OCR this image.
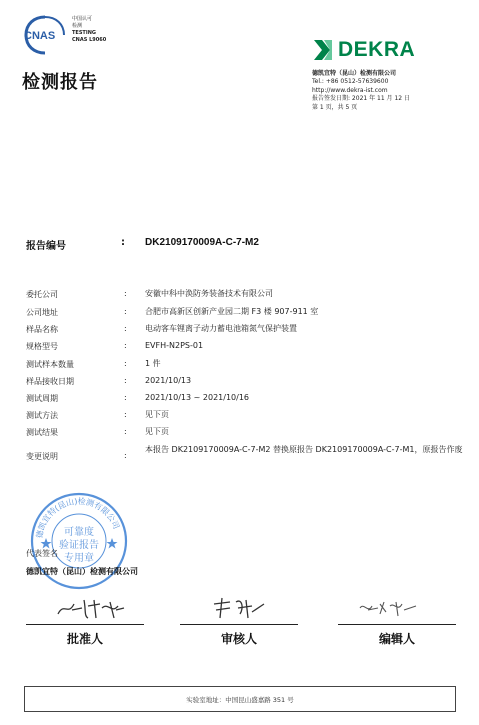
CNAS
中国认可
检测
TESTING
CNAS L9060
检测报告
DEKRA
德凯宜特（昆山）检测有限公司
Tel.: +86 0512-57639600
http://www.dekra-ist.com
报告签发日期: 2021 年 11 月 12 日
第 1 页，共 5 页
报告编号	: DK2109170009A-C-7-M2
委托公司	: 安徽中科中涣防务装备技术有限公司
公司地址	: 合肥市高新区创新产业园二期 F3 楼 907-911 室
样品名称	: 电动客车锂离子动力蓄电池箱氮气保护装置
规格型号	: EVFH-N2PS-01
测试样本数量	: 1 件
样品接收日期	: 2021/10/13
测试周期	: 2021/10/13 ~ 2021/10/16
测试方法	: 见下页
测试结果	: 见下页
变更说明	:
本报告 DK2109170009A-C-7-M2 替换原报告 DK2109170009A-C-7-M1，原报告作废
德凯宜特(昆山)检测有限公司
可靠度
验证报告
专用章
代表签名
德凯宜特（昆山）检测有限公司
批准人	审核人	编辑人
实验室地址：中国昆山盛嘉路 351 号
